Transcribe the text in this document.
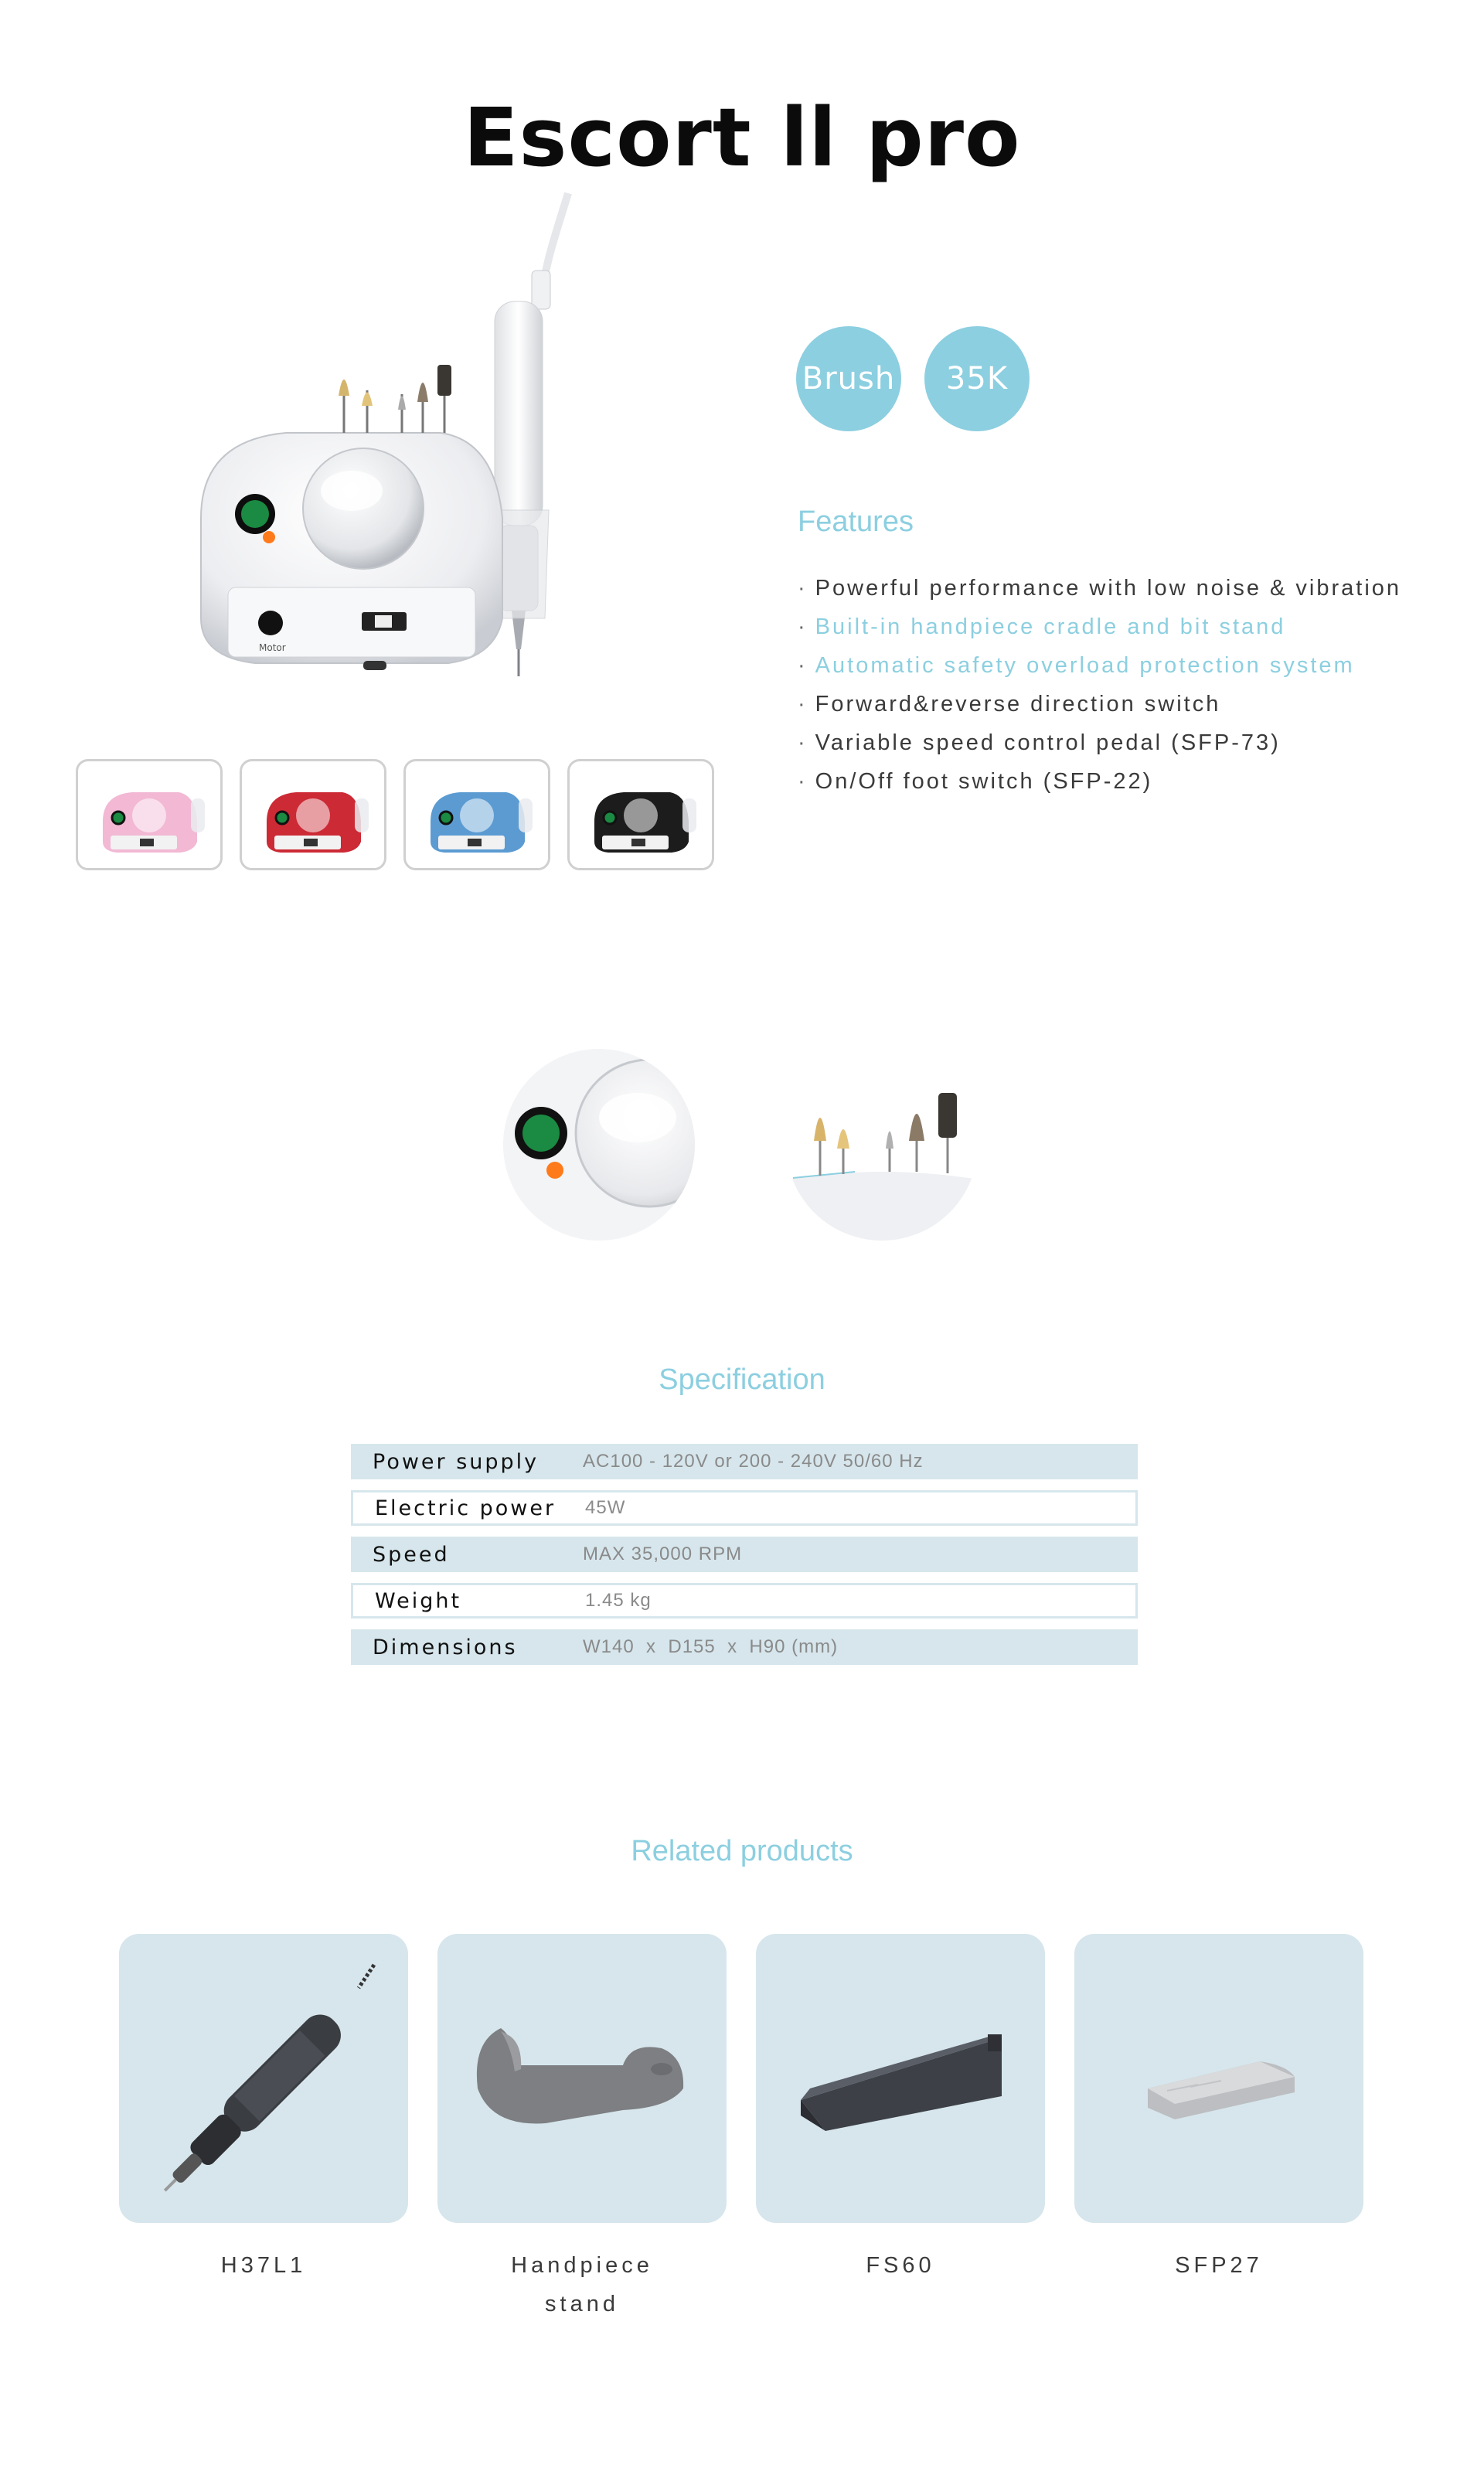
Escort ll pro
Motor
Brush	35K
Features
· Powerful performance with low noise & vibration
· Built-in handpiece cradle and bit stand
· Automatic safety overload protection system
· Forward&reverse direction switch
· Variable speed control pedal (SFP-73)
· On/Off foot switch (SFP-22)
Specification
Power supply	AC100 - 120V or 200 - 240V 50/60 Hz
Electric power	45W
Speed	MAX 35,000 RPM
Weight	1.45 kg
Dimensions	W140  x  D155  x  H90 (mm)
Related products
H37L1	Handpiece
stand
FS60	SFP27
